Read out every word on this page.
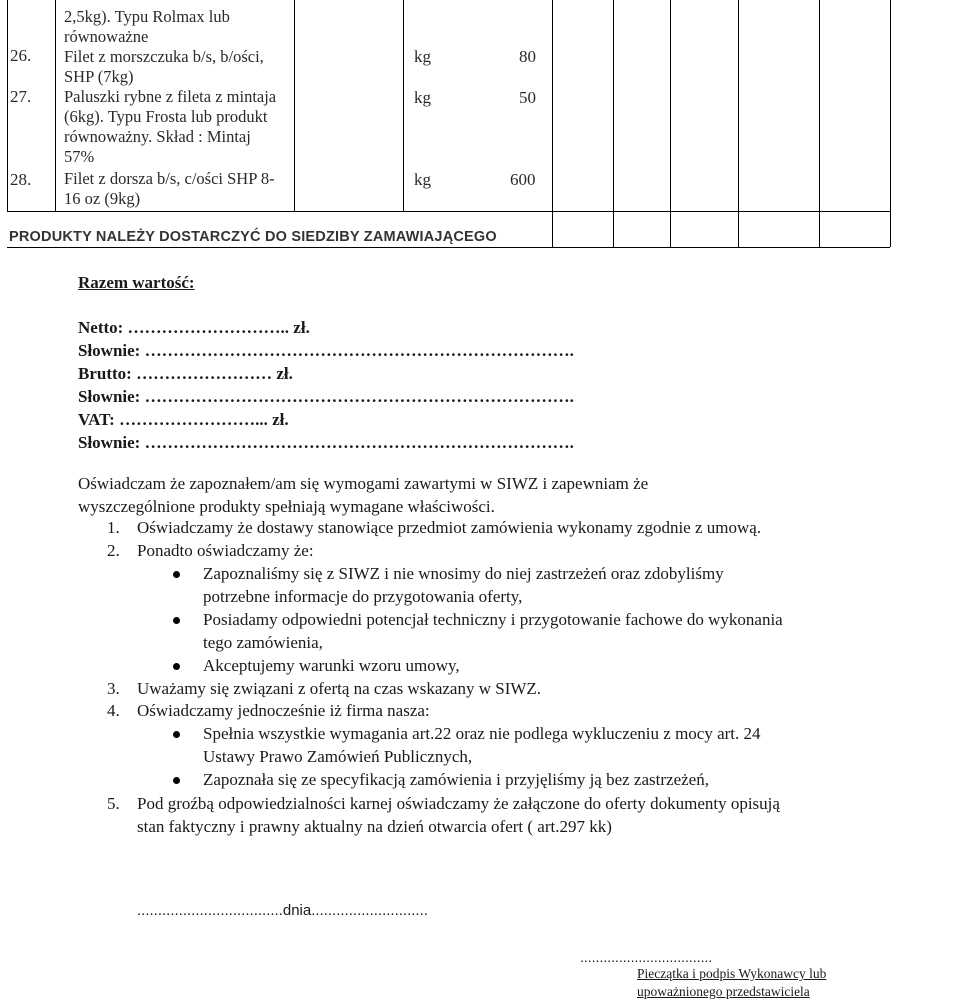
2,5kg). Typu Rolmax lub
równoważne
26. Filet z morszczuka b/s, b/ości,
SHP (7kg)
kg	80
27. Paluszki rybne z fileta z mintaja
(6kg). Typu Frosta lub produkt
równoważny. Skład : Mintaj
57%
kg	50
28. Filet z dorsza b/s, c/ości SHP 8-
16 oz (9kg)
kg	600
PRODUKTY NALEŻY DOSTARCZYĆ DO SIEDZIBY ZAMAWIAJĄCEGO
Razem wartość:
Netto: ……………………….. zł.
Słownie: ………………………………………………………………….
Brutto: …………………… zł.
Słownie: ………………………………………………………………….
VAT: ……………………... zł.
Słownie: ………………………………………………………………….
Oświadczam że zapoznałem/am się wymogami zawartymi w SIWZ i zapewniam że
wyszczególnione produkty spełniają wymagane właściwości.
1. Oświadczamy że dostawy stanowiące przedmiot zamówienia wykonamy zgodnie z umową.
2. Ponadto oświadczamy że:
Zapoznaliśmy się z SIWZ i nie wnosimy do niej zastrzeżeń oraz zdobyliśmy
potrzebne informacje do przygotowania oferty,
Posiadamy odpowiedni potencjał techniczny i przygotowanie fachowe do wykonania
tego zamówienia,
Akceptujemy warunki wzoru umowy,
3. Uważamy się związani z ofertą na czas wskazany w SIWZ.
4. Oświadczamy jednocześnie iż firma nasza:
Spełnia wszystkie wymagania art.22 oraz nie podlega wykluczeniu z mocy art. 24
Ustawy Prawo Zamówień Publicznych,
Zapoznała się ze specyfikacją zamówienia i przyjęliśmy ją bez zastrzeżeń,
5. Pod groźbą odpowiedzialności karnej oświadczamy że załączone do oferty dokumenty opisują
stan faktyczny i prawny aktualny na dzień otwarcia ofert ( art.297 kk)
...................................dnia............................
..................................
Pieczątka i podpis Wykonawcy lub
upoważnionego przedstawiciela
